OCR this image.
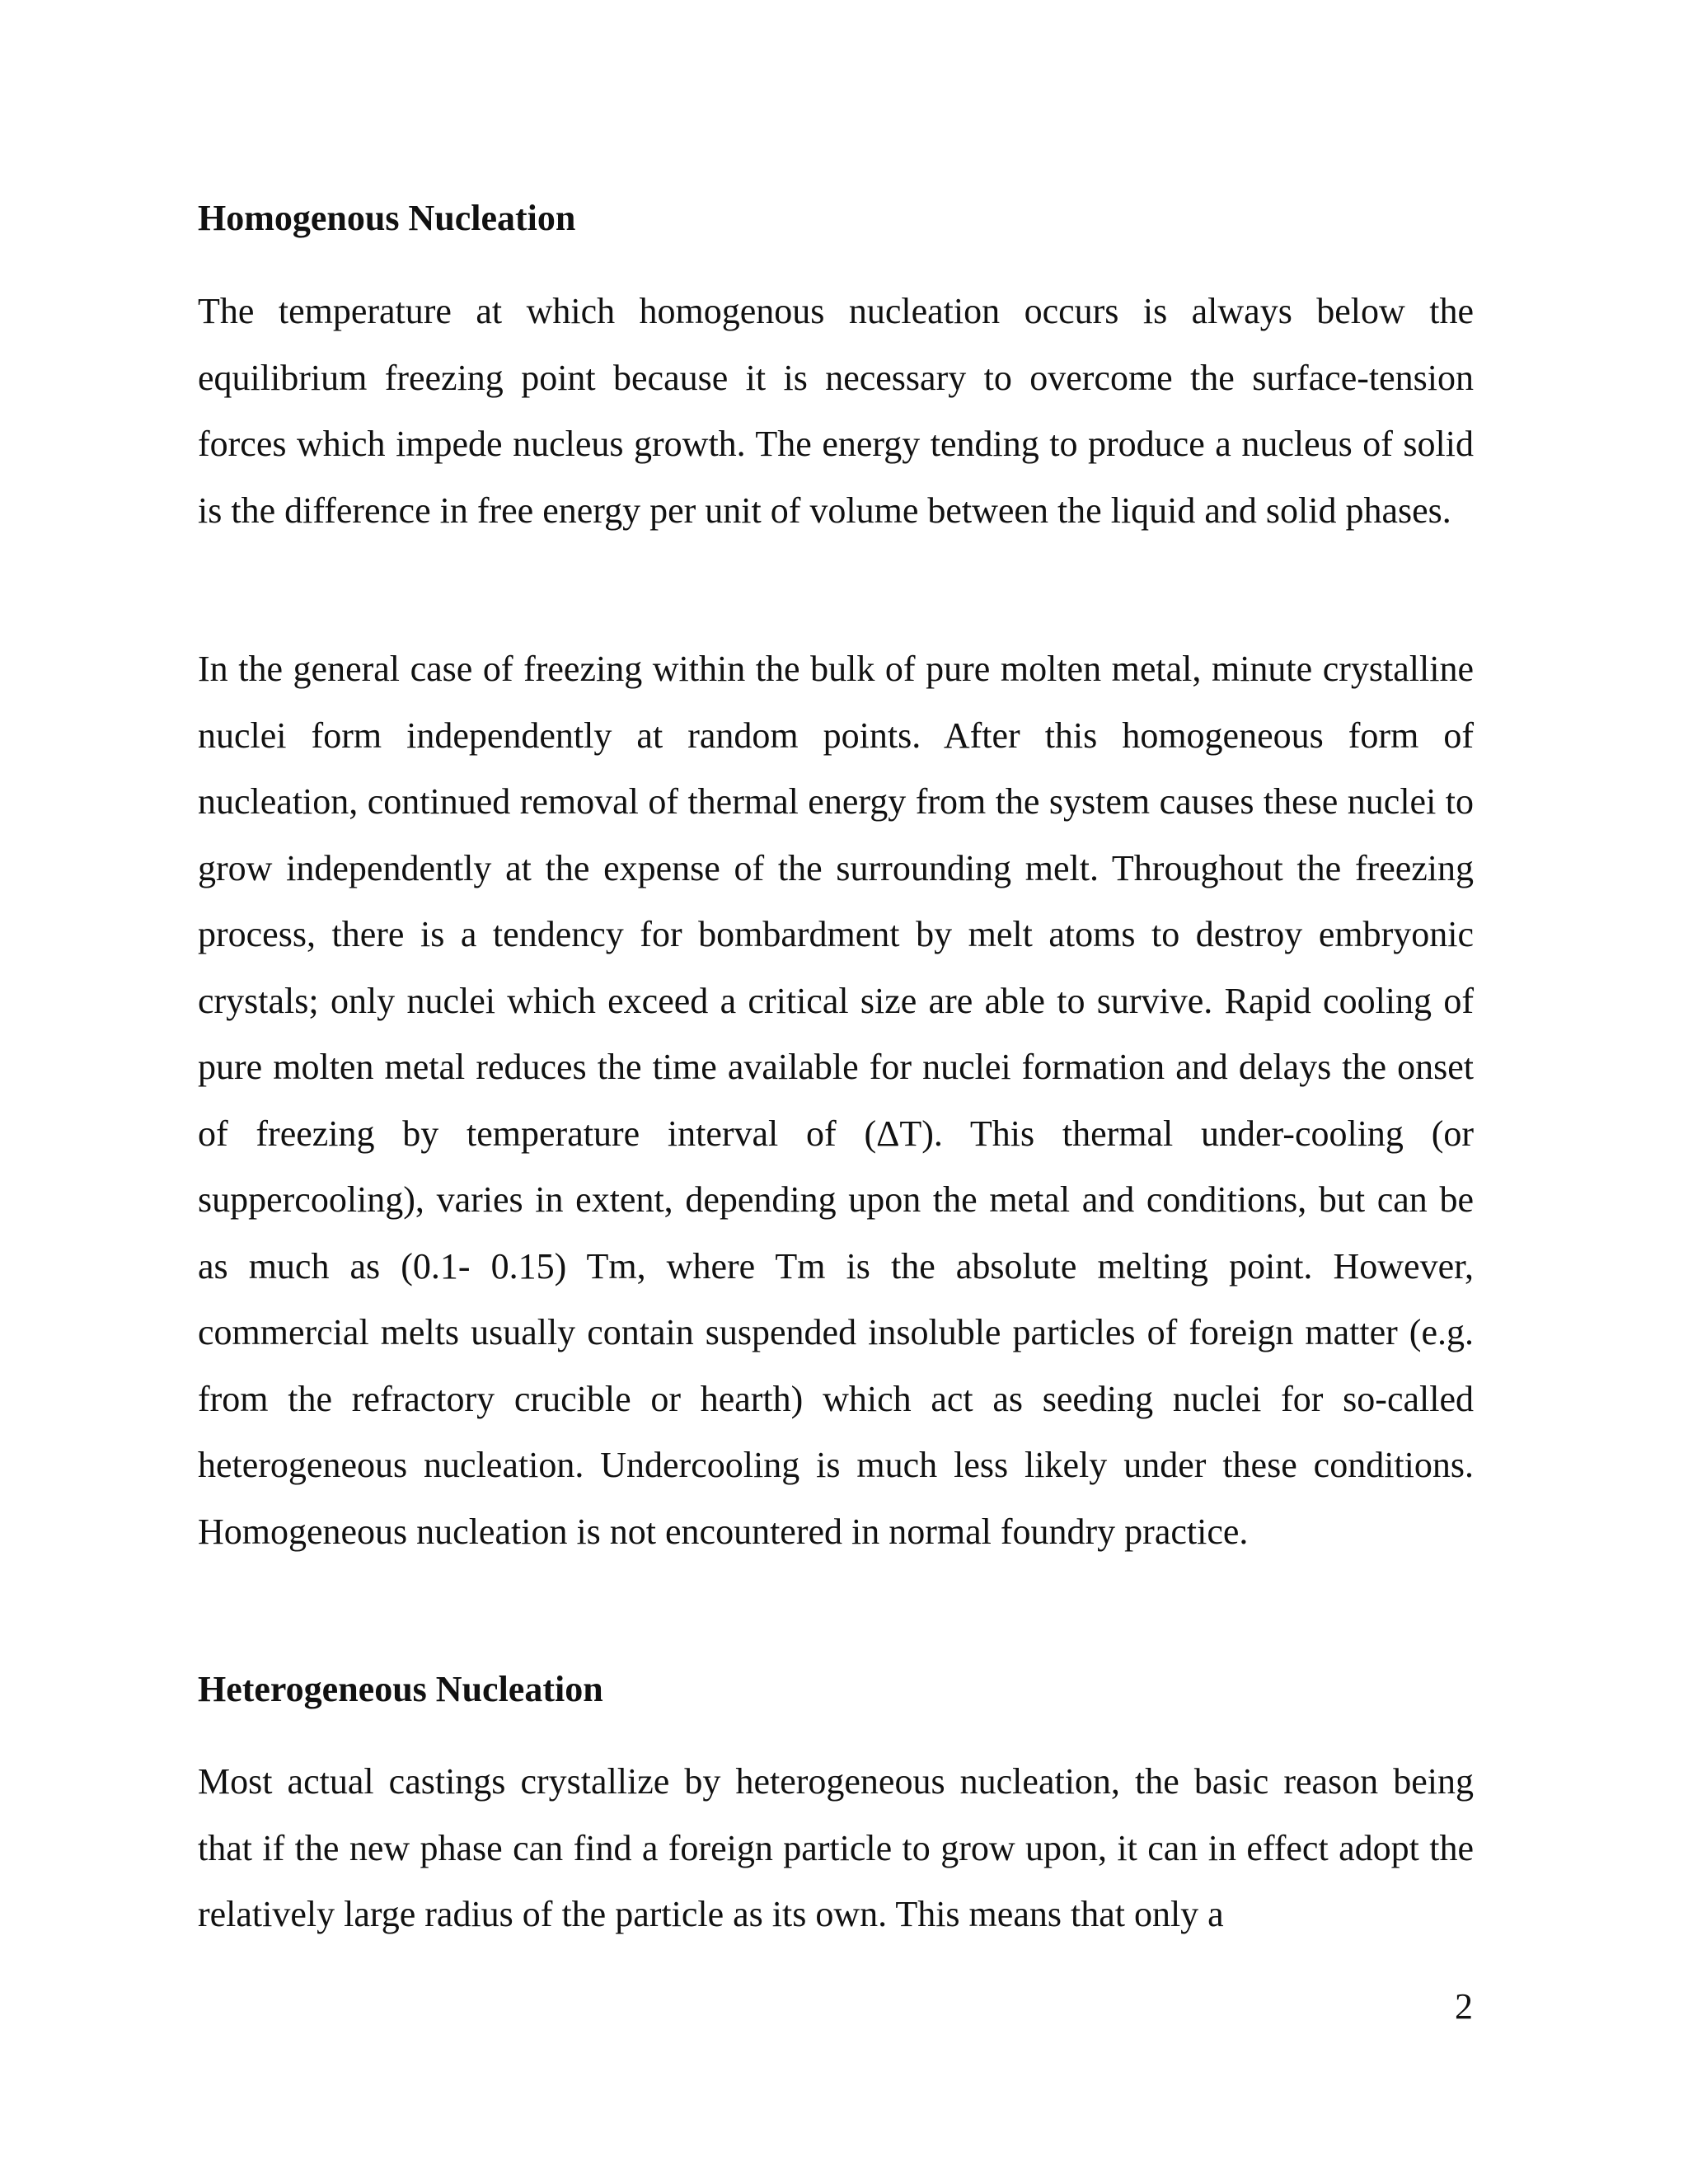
Homogenous Nucleation

The temperature at which homogenous nucleation occurs is always below the equilibrium freezing point because it is necessary to overcome the surface-tension forces which impede nucleus growth. The energy tending to produce a nucleus of solid is the difference in free energy per unit of volume between the liquid and solid phases.

In the general case of freezing within the bulk of pure molten metal, minute crystalline nuclei form independently at random points. After this homogeneous form of nucleation, continued removal of thermal energy from the system causes these nuclei to grow independently at the expense of the surrounding melt. Throughout the freezing process, there is a tendency for bombardment by melt atoms to destroy embryonic crystals; only nuclei which exceed a critical size are able to survive. Rapid cooling of pure molten metal reduces the time available for nuclei formation and delays the onset of freezing by temperature interval of (ΔT). This thermal under-cooling (or suppercooling), varies in extent, depending upon the metal and conditions, but can be as much as (0.1- 0.15) Tm, where Tm is the absolute melting point. However, commercial melts usually contain suspended insoluble particles of foreign matter (e.g. from the refractory crucible or hearth) which act as seeding nuclei for so-called heterogeneous nucleation. Undercooling is much less likely under these conditions. Homogeneous nucleation is not encountered in normal foundry practice.

Heterogeneous Nucleation

Most actual castings crystallize by heterogeneous nucleation, the basic reason being that if the new phase can find a foreign particle to grow upon, it can in effect adopt the relatively large radius of the particle as its own. This means that only a

2
